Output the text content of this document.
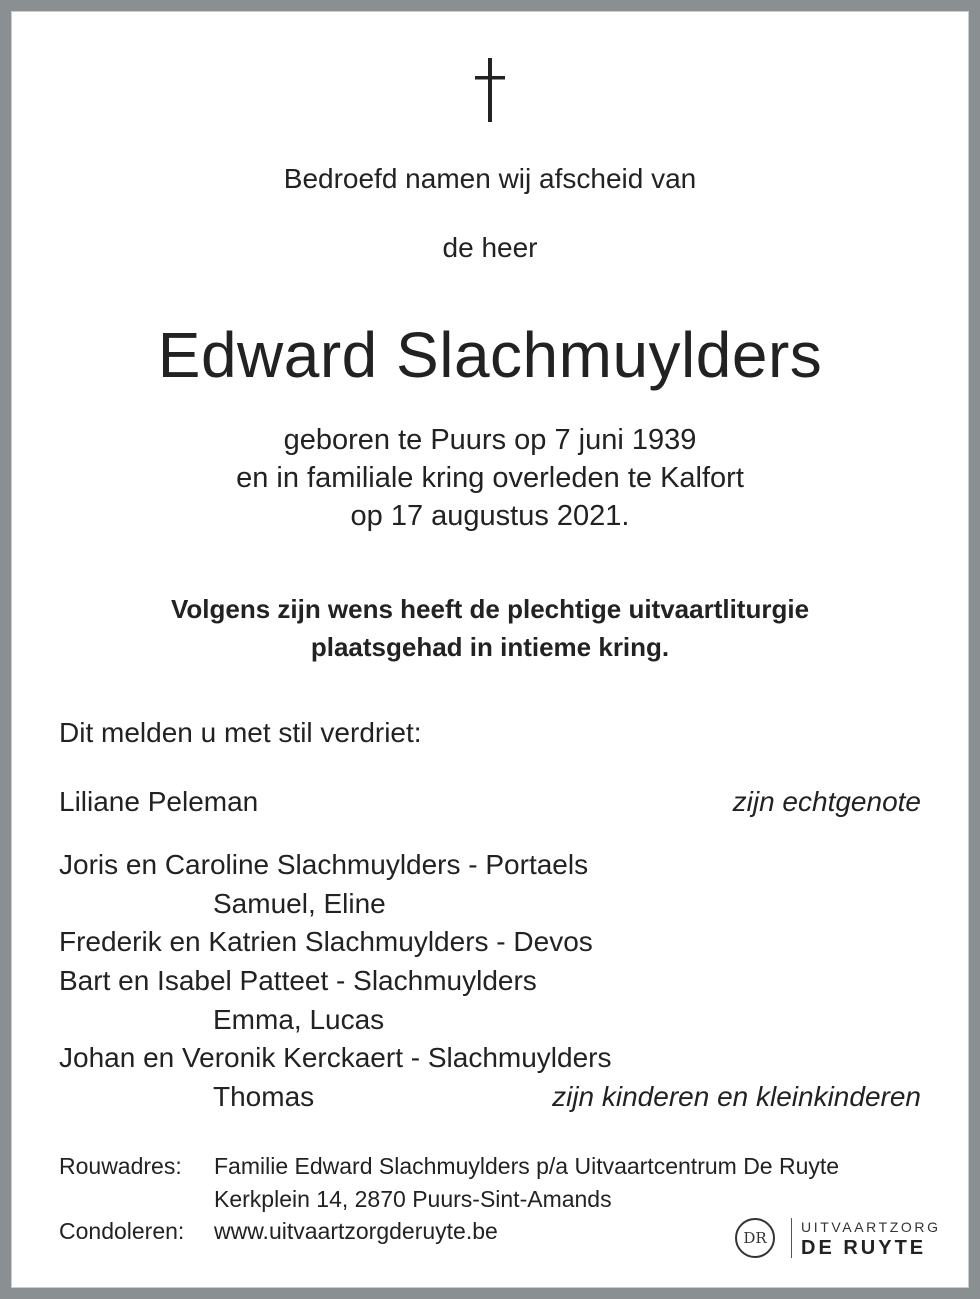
Bedroefd namen wij afscheid van
de heer
Edward Slachmuylders
geboren te Puurs op 7 juni 1939
en in familiale kring overleden te Kalfort
op 17 augustus 2021.
Volgens zijn wens heeft de plechtige uitvaartliturgie
plaatsgehad in intieme kring.
Dit melden u met stil verdriet:
Liliane Peleman	zijn echtgenote
Joris en Caroline Slachmuylders - Portaels
Samuel, Eline
Frederik en Katrien Slachmuylders - Devos
Bart en Isabel Patteet - Slachmuylders
Emma, Lucas
Johan en Veronik Kerckaert - Slachmuylders
Thomas	zijn kinderen en kleinkinderen
Rouwadres: Familie Edward Slachmuylders p/a Uitvaartcentrum De Ruyte
Kerkplein 14, 2870 Puurs-Sint-Amands
Condoleren: www.uitvaartzorgderuyte.be	DR
UITVAARTZORG
DE RUYTE
